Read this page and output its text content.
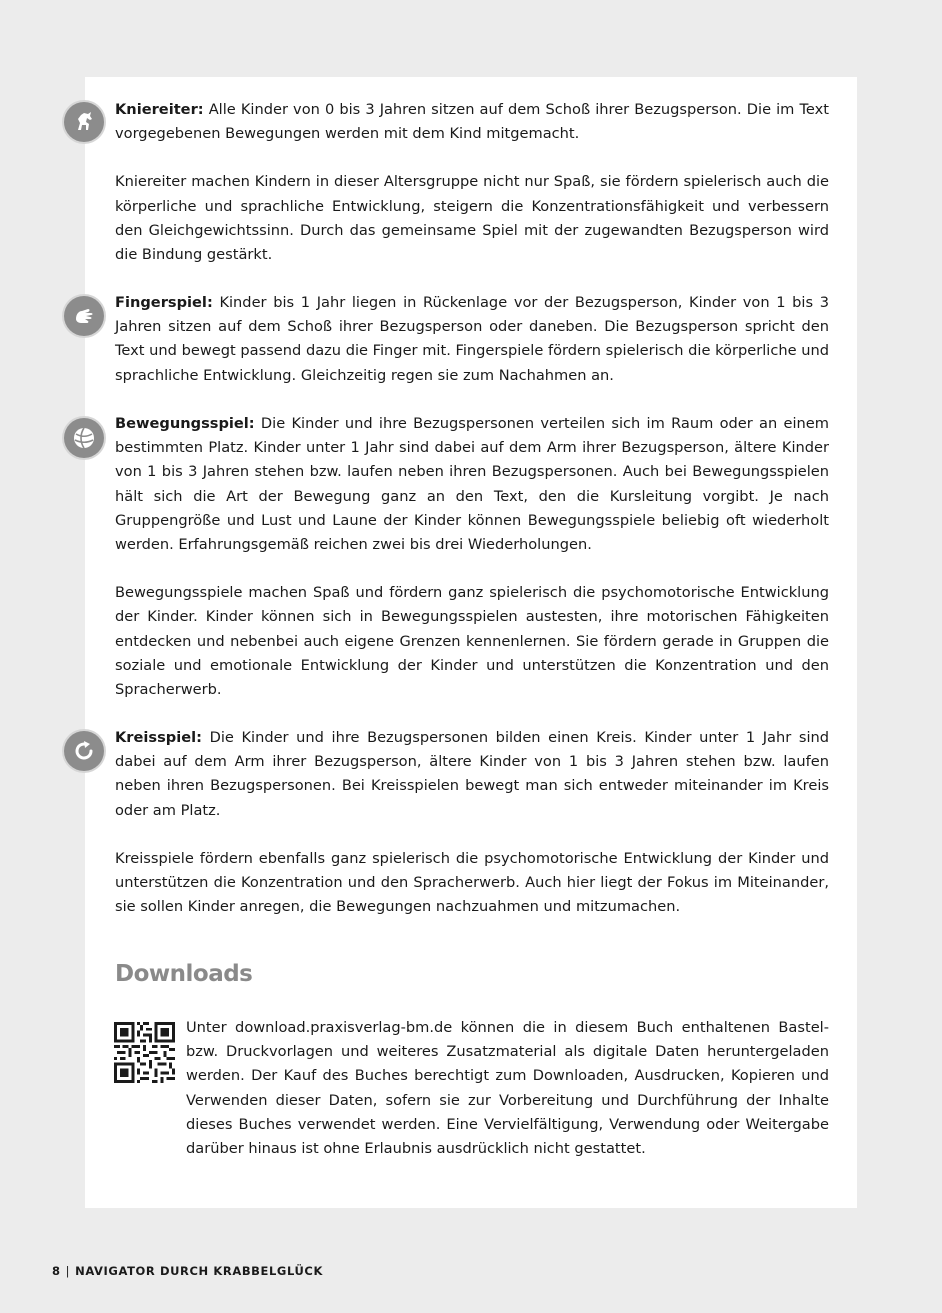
Kniereiter: Alle Kinder von 0 bis 3 Jahren sitzen auf dem Schoß ihrer Bezugsperson. Die im Text vorgegebenen Bewegungen werden mit dem Kind mitgemacht.

Kniereiter machen Kindern in dieser Altersgruppe nicht nur Spaß, sie fördern spielerisch auch die körperliche und sprachliche Entwicklung, steigern die Konzentrationsfähigkeit und verbessern den Gleichgewichtssinn. Durch das gemeinsame Spiel mit der zugewandten Bezugsperson wird die Bindung gestärkt.

Fingerspiel: Kinder bis 1 Jahr liegen in Rückenlage vor der Bezugsperson, Kinder von 1 bis 3 Jahren sitzen auf dem Schoß ihrer Bezugsperson oder daneben. Die Bezugsperson spricht den Text und bewegt passend dazu die Finger mit. Fingerspiele fördern spielerisch die körperliche und sprachliche Entwicklung. Gleichzeitig regen sie zum Nachahmen an.

Bewegungsspiel: Die Kinder und ihre Bezugspersonen verteilen sich im Raum oder an einem bestimmten Platz. Kinder unter 1 Jahr sind dabei auf dem Arm ihrer Bezugsperson, ältere Kinder von 1 bis 3 Jahren stehen bzw. laufen neben ihren Bezugspersonen. Auch bei Bewegungsspielen hält sich die Art der Bewegung ganz an den Text, den die Kursleitung vorgibt. Je nach Gruppengröße und Lust und Laune der Kinder können Bewegungsspiele beliebig oft wiederholt werden. Erfahrungsgemäß reichen zwei bis drei Wiederholungen.

Bewegungsspiele machen Spaß und fördern ganz spielerisch die psychomotorische Entwicklung der Kinder. Kinder können sich in Bewegungsspielen austesten, ihre motorischen Fähigkeiten entdecken und nebenbei auch eigene Grenzen kennenlernen. Sie fördern gerade in Gruppen die soziale und emotionale Entwicklung der Kinder und unterstützen die Konzentration und den Spracherwerb.

Kreisspiel: Die Kinder und ihre Bezugspersonen bilden einen Kreis. Kinder unter 1 Jahr sind dabei auf dem Arm ihrer Bezugsperson, ältere Kinder von 1 bis 3 Jahren stehen bzw. laufen neben ihren Bezugspersonen. Bei Kreisspielen bewegt man sich entweder miteinander im Kreis oder am Platz.

Kreisspiele fördern ebenfalls ganz spielerisch die psychomotorische Entwicklung der Kinder und unterstützen die Konzentration und den Spracherwerb. Auch hier liegt der Fokus im Miteinander, sie sollen Kinder anregen, die Bewegungen nachzuahmen und mitzumachen.

Downloads

Unter download.praxisverlag-bm.de können die in diesem Buch enthaltenen Bastel- bzw. Druckvorlagen und weiteres Zusatzmaterial als digitale Daten heruntergeladen werden. Der Kauf des Buches berechtigt zum Downloaden, Ausdrucken, Kopieren und Verwenden dieser Daten, sofern sie zur Vorbereitung und Durchführung der Inhalte dieses Buches verwendet werden. Eine Vervielfältigung, Verwendung oder Weitergabe darüber hinaus ist ohne Erlaubnis ausdrücklich nicht gestattet.

8 | NAVIGATOR DURCH KRABBELGLÜCK
